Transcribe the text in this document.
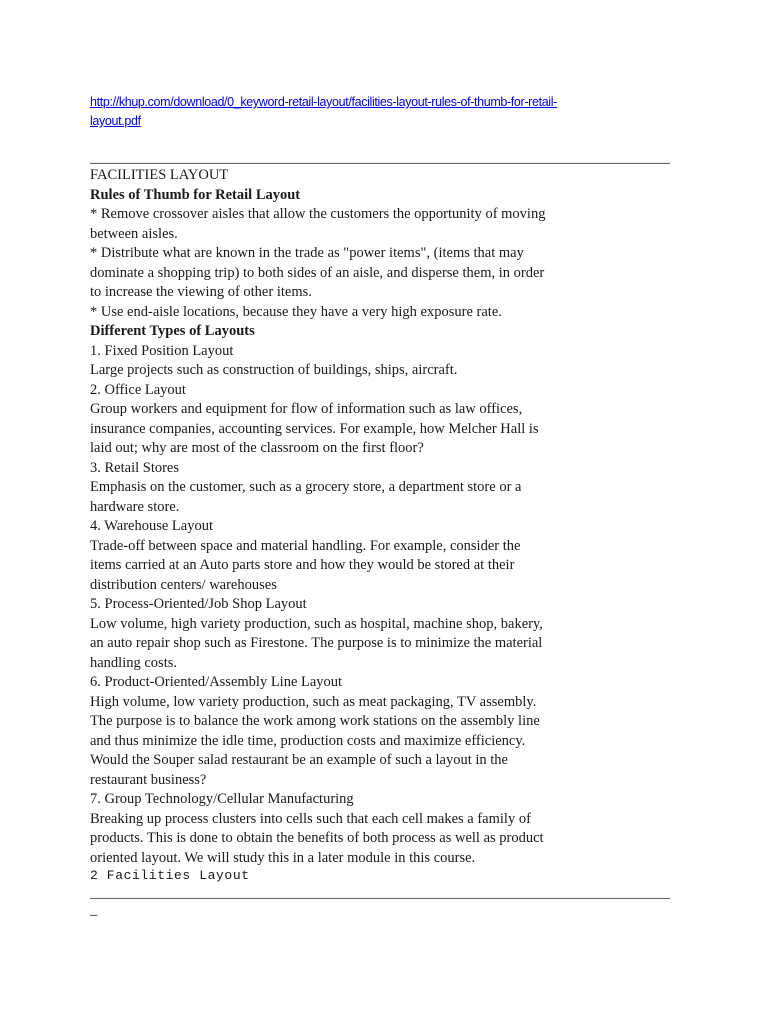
http://khup.com/download/0_keyword-retail-layout/facilities-layout-rules-of-thumb-for-retail-
layout.pdf
________________________________________________________________________________
FACILITIES LAYOUT
Rules of Thumb for Retail Layout
* Remove crossover aisles that allow the customers the opportunity of moving
between aisles.
* Distribute what are known in the trade as "power items", (items that may
dominate a shopping trip) to both sides of an aisle, and disperse them, in order
to increase the viewing of other items.
* Use end-aisle locations, because they have a very high exposure rate.
Different Types of Layouts
1. Fixed Position Layout
Large projects such as construction of buildings, ships, aircraft.
2. Office Layout
Group workers and equipment for flow of information such as law offices,
insurance companies, accounting services. For example, how Melcher Hall is
laid out; why are most of the classroom on the first floor?
3. Retail Stores
Emphasis on the customer, such as a grocery store, a department store or a
hardware store.
4. Warehouse Layout
Trade-off between space and material handling. For example, consider the
items carried at an Auto parts store and how they would be stored at their
distribution centers/ warehouses
5. Process-Oriented/Job Shop Layout
Low volume, high variety production, such as hospital, machine shop, bakery,
an auto repair shop such as Firestone. The purpose is to minimize the material
handling costs.
6. Product-Oriented/Assembly Line Layout
High volume, low variety production, such as meat packaging, TV assembly.
The purpose is to balance the work among work stations on the assembly line
and thus minimize the idle time, production costs and maximize efficiency.
Would the Souper salad restaurant be an example of such a layout in the
restaurant business?
7. Group Technology/Cellular Manufacturing
Breaking up process clusters into cells such that each cell makes a family of
products. This is done to obtain the benefits of both process as well as product
oriented layout. We will study this in a later module in this course.
2 Facilities Layout
________________________________________________________________________________
_
